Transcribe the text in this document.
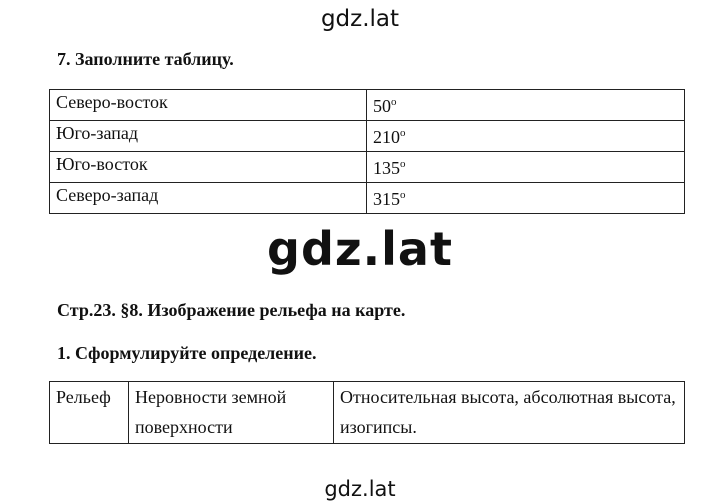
gdz.lat
7. Заполните таблицу.
Северо-восток	$50^о$
Юго-запад	$210^о$
Юго-восток	$135^о$
Северо-запад	$315^о$
gdz.lat
Стр.23. §8. Изображение рельефа на карте.
1. Сформулируйте определение.
Рельеф	Неровности земной поверхности	Относительная высота, абсолютная высота, изогипсы.
gdz.lat
